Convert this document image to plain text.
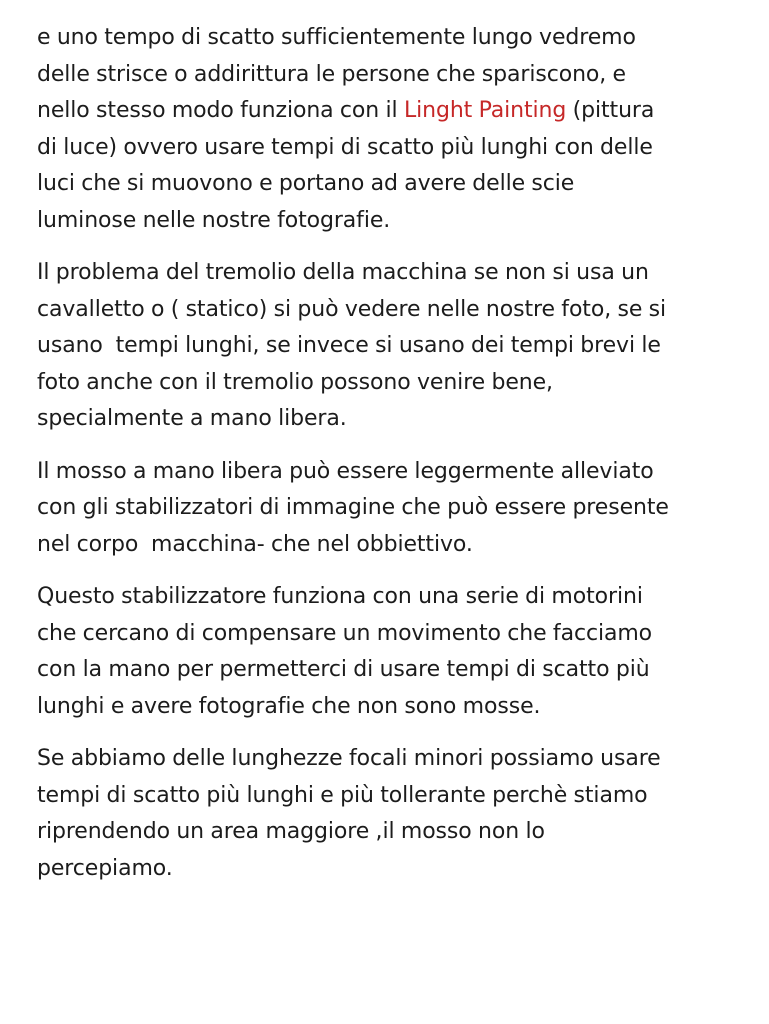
e uno tempo di scatto sufficientemente lungo vedremo
delle strisce o addirittura le persone che spariscono, e
nello stesso modo funziona con il Linght Painting (pittura
di luce) ovvero usare tempi di scatto più lunghi con delle
luci che si muovono e portano ad avere delle scie
luminose nelle nostre fotografie.

Il problema del tremolio della macchina se non si usa un
cavalletto o ( statico) si può vedere nelle nostre foto, se si
usano  tempi lunghi, se invece si usano dei tempi brevi le
foto anche con il tremolio possono venire bene,
specialmente a mano libera.

Il mosso a mano libera può essere leggermente alleviato
con gli stabilizzatori di immagine che può essere presente
nel corpo  macchina- che nel obbiettivo.

Questo stabilizzatore funziona con una serie di motorini
che cercano di compensare un movimento che facciamo
con la mano per permetterci di usare tempi di scatto più
lunghi e avere fotografie che non sono mosse.

Se abbiamo delle lunghezze focali minori possiamo usare
tempi di scatto più lunghi e più tollerante perchè stiamo
riprendendo un area maggiore ,il mosso non lo
percepiamo.
